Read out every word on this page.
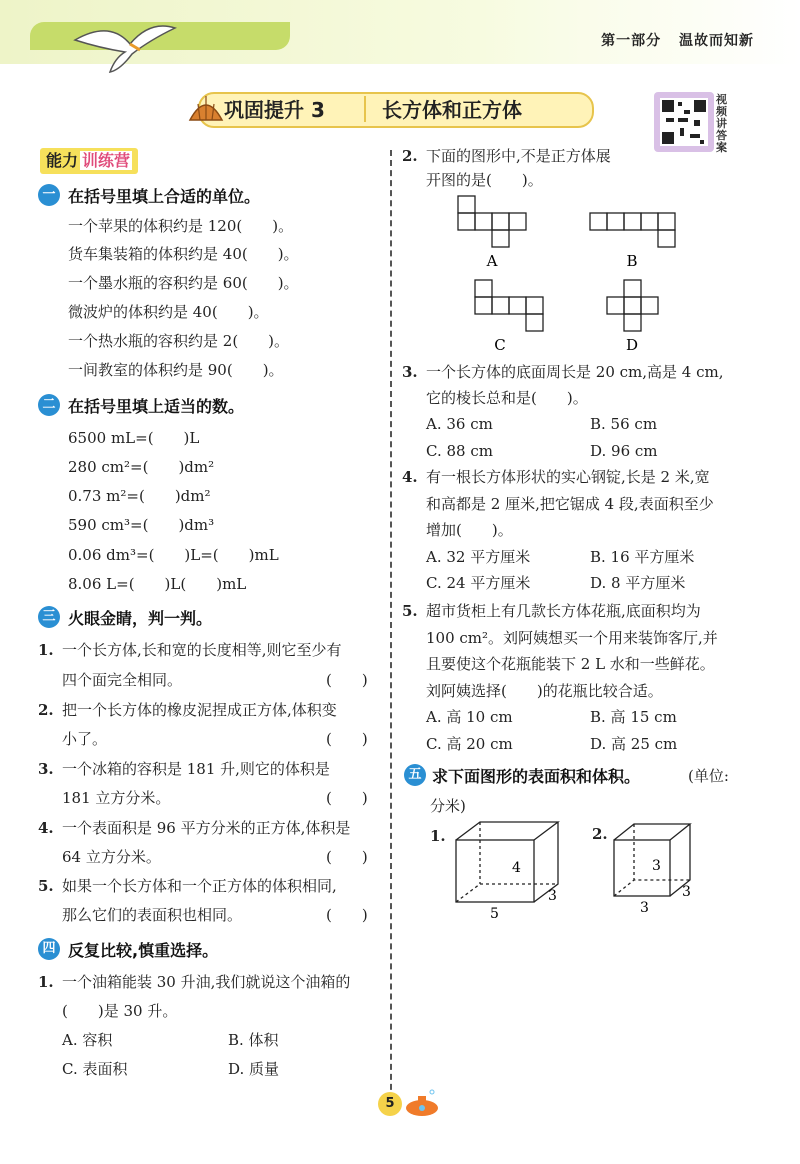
第一部分 温故而知新
巩固提升 3	长方体和正方体	视频讲答案
能力 训练营
一 在括号里填上合适的单位。
一个苹果的体积约是 120(　　)。
货车集装箱的体积约是 40(　　)。
一个墨水瓶的容积约是 60(　　)。
微波炉的体积约是 40(　　)。
一个热水瓶的容积约是 2(　　)。
一间教室的体积约是 90(　　)。
二 在括号里填上适当的数。
6500 mL=(　　)L
280 cm²=(　　)dm²
0.73 m²=(　　)dm²
590 cm³=(　　)dm³
0.06 dm³=(　　)L=(　　)mL
8.06 L=(　　)L(　　)mL
三 火眼金睛，判一判。
1. 一个长方体,长和宽的长度相等,则它至少有
四个面完全相同。	(　　)
2. 把一个长方体的橡皮泥捏成正方体,体积变
小了。	(　　)
3. 一个冰箱的容积是 181 升,则它的体积是
181 立方分米。	(　　)
4. 一个表面积是 96 平方分米的正方体,体积是
64 立方分米。	(　　)
5. 如果一个长方体和一个正方体的体积相同,
那么它们的表面积也相同。	(　　)
四 反复比较,慎重选择。
1. 一个油箱能装 30 升油,我们就说这个油箱的
(　　)是 30 升。
A. 容积	B. 体积
C. 表面积	D. 质量
2. 下面的图形中,不是正方体展
开图的是(　　)。
A	B
C	D
3. 一个长方体的底面周长是 20 cm,高是 4 cm,
它的棱长总和是(　　)。
A. 36 cm	B. 56 cm
C. 88 cm	D. 96 cm
4. 有一根长方体形状的实心钢锭,长是 2 米,宽
和高都是 2 厘米,把它锯成 4 段,表面积至少
增加(　　)。
A. 32 平方厘米	B. 16 平方厘米
C. 24 平方厘米	D. 8 平方厘米
5. 超市货柜上有几款长方体花瓶,底面积均为
100 cm²。刘阿姨想买一个用来装饰客厅,并
且要使这个花瓶能装下 2 L 水和一些鲜花。
刘阿姨选择(　　)的花瓶比较合适。
A. 高 10 cm	B. 高 15 cm
C. 高 20 cm	D. 高 25 cm
五 求下面图形的表面积和体积。	(单位:
分米)
1.
4
3
5
2.
3
3
3
5
